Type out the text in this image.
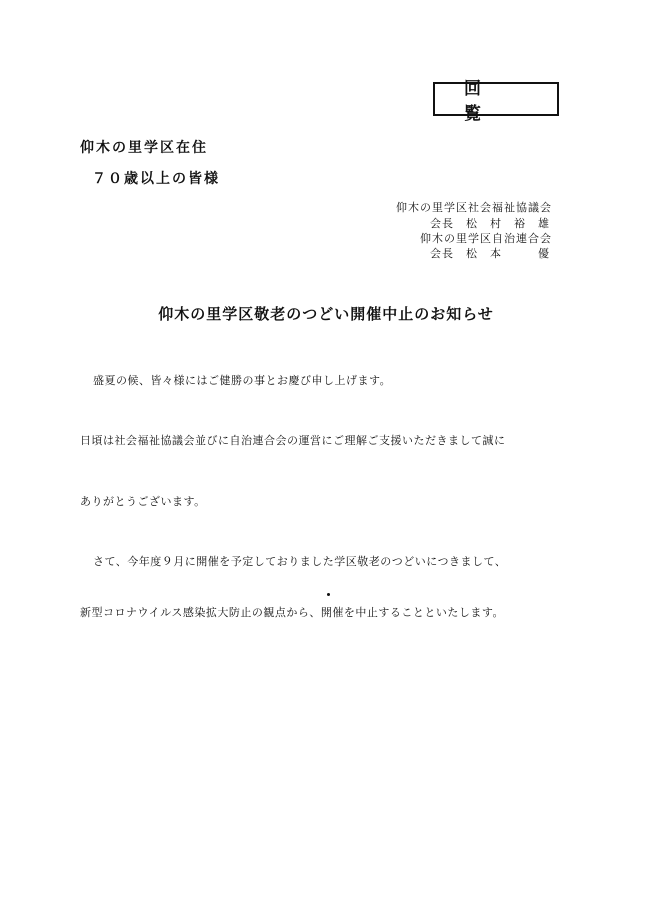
回　覧
仰木の里学区在住
７０歳以上の皆様
仰木の里学区社会福祉協議会
会長　松　村　裕　雄
仰木の里学区自治連合会
会長　松　本　　　優
仰木の里学区敬老のつどい開催中止のお知らせ
盛夏の候、皆々様にはご健勝の事とお慶び申し上げます。
日頃は社会福祉協議会並びに自治連合会の運営にご理解ご支援いただきまして誠に
ありがとうございます。
さて、今年度９月に開催を予定しておりました学区敬老のつどいにつきまして、
新型コロナウイルス感染拡大防止の観点から、開催を中止することといたします。
